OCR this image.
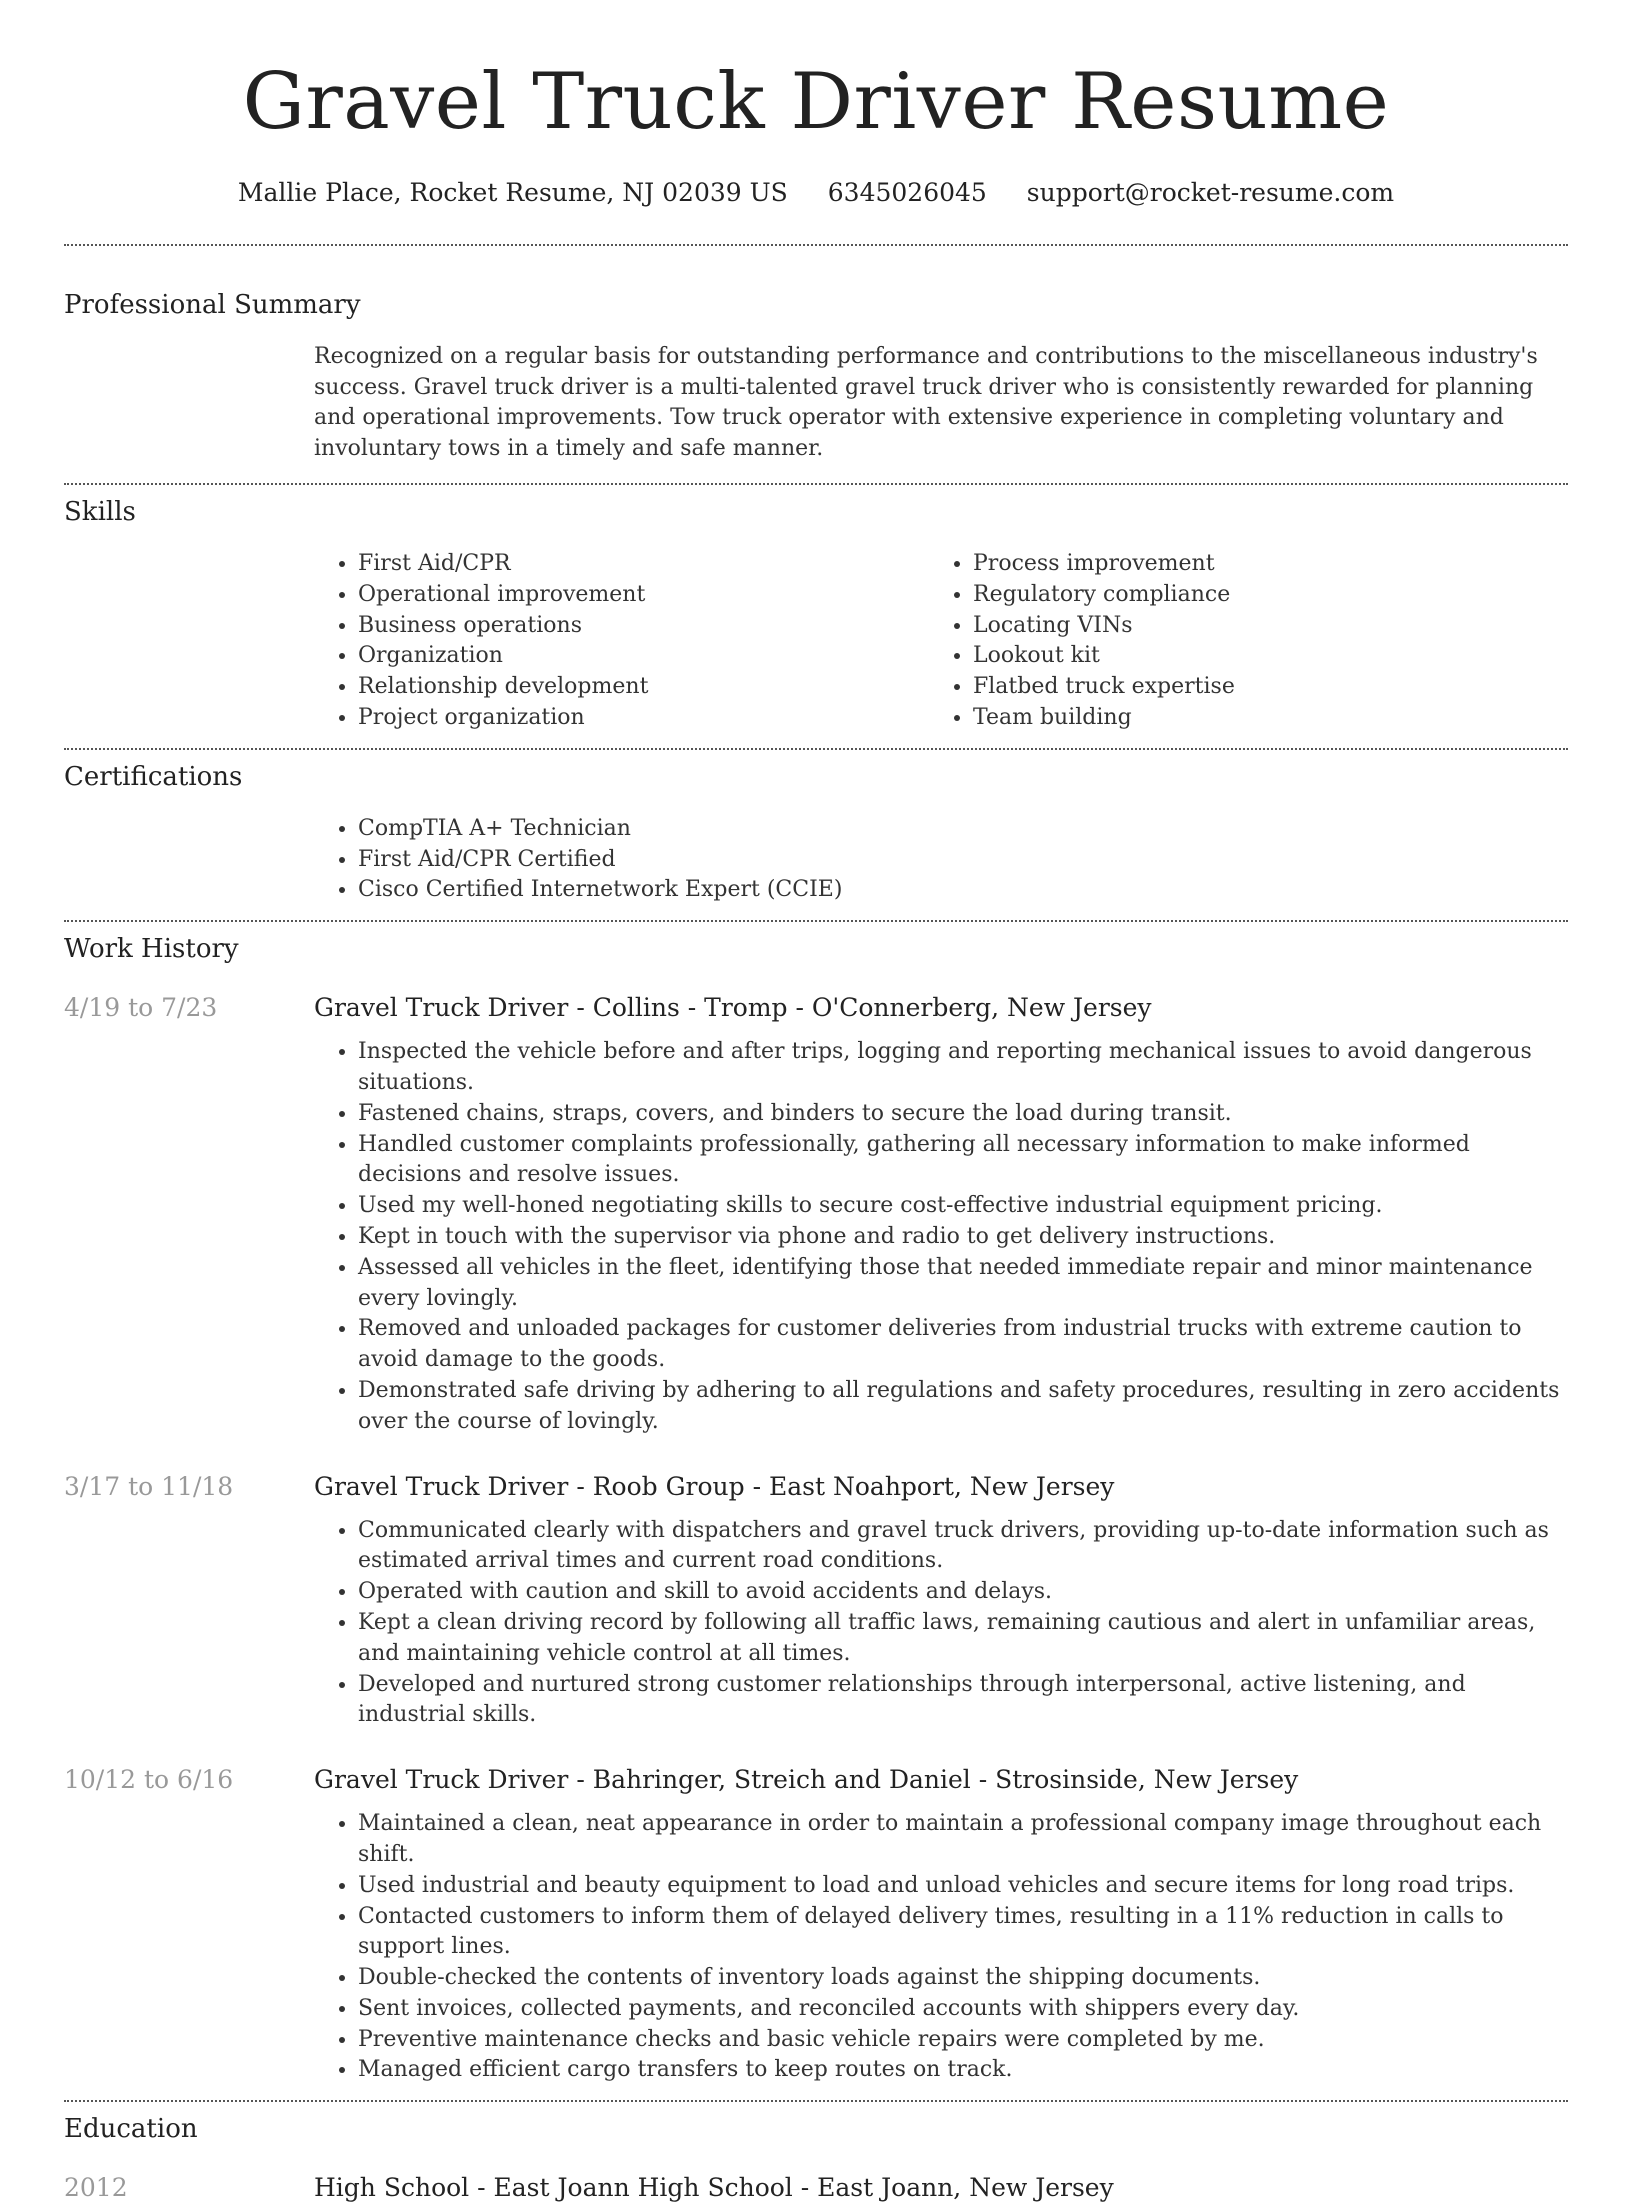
Gravel Truck Driver Resume
Mallie Place, Rocket Resume, NJ 02039 US 6345026045 support@rocket-resume.com
Professional Summary

Recognized on a regular basis for outstanding performance and contributions to the miscellaneous industry's success. Gravel truck driver is a multi-talented gravel truck driver who is consistently rewarded for planning and operational improvements. Tow truck operator with extensive experience in completing voluntary and involuntary tows in a timely and safe manner.

Skills
• First Aid/CPR
• Operational improvement
• Business operations
• Organization
• Relationship development
• Project organization
• Process improvement
• Regulatory compliance
• Locating VINs
• Lookout kit
• Flatbed truck expertise
• Team building
Certifications
• CompTIA A+ Technician
• First Aid/CPR Certified
• Cisco Certified Internetwork Expert (CCIE)
Work History
4/19 to 7/23	Gravel Truck Driver - Collins - Tromp - O'Connerberg, New Jersey
• Inspected the vehicle before and after trips, logging and reporting mechanical issues to avoid dangerous situations.
• Fastened chains, straps, covers, and binders to secure the load during transit.
• Handled customer complaints professionally, gathering all necessary information to make informed decisions and resolve issues.
• Used my well-honed negotiating skills to secure cost-effective industrial equipment pricing.
• Kept in touch with the supervisor via phone and radio to get delivery instructions.
• Assessed all vehicles in the fleet, identifying those that needed immediate repair and minor maintenance every lovingly.
• Removed and unloaded packages for customer deliveries from industrial trucks with extreme caution to avoid damage to the goods.
• Demonstrated safe driving by adhering to all regulations and safety procedures, resulting in zero accidents over the course of lovingly.
3/17 to 11/18	Gravel Truck Driver - Roob Group - East Noahport, New Jersey
• Communicated clearly with dispatchers and gravel truck drivers, providing up-to-date information such as estimated arrival times and current road conditions.
• Operated with caution and skill to avoid accidents and delays.
• Kept a clean driving record by following all traffic laws, remaining cautious and alert in unfamiliar areas, and maintaining vehicle control at all times.
• Developed and nurtured strong customer relationships through interpersonal, active listening, and industrial skills.
10/12 to 6/16	Gravel Truck Driver - Bahringer, Streich and Daniel - Strosinside, New Jersey
• Maintained a clean, neat appearance in order to maintain a professional company image throughout each shift.
• Used industrial and beauty equipment to load and unload vehicles and secure items for long road trips.
• Contacted customers to inform them of delayed delivery times, resulting in a 11% reduction in calls to support lines.
• Double-checked the contents of inventory loads against the shipping documents.
• Sent invoices, collected payments, and reconciled accounts with shippers every day.
• Preventive maintenance checks and basic vehicle repairs were completed by me.
• Managed efficient cargo transfers to keep routes on track.
Education
2012	High School - East Joann High School - East Joann, New Jersey
